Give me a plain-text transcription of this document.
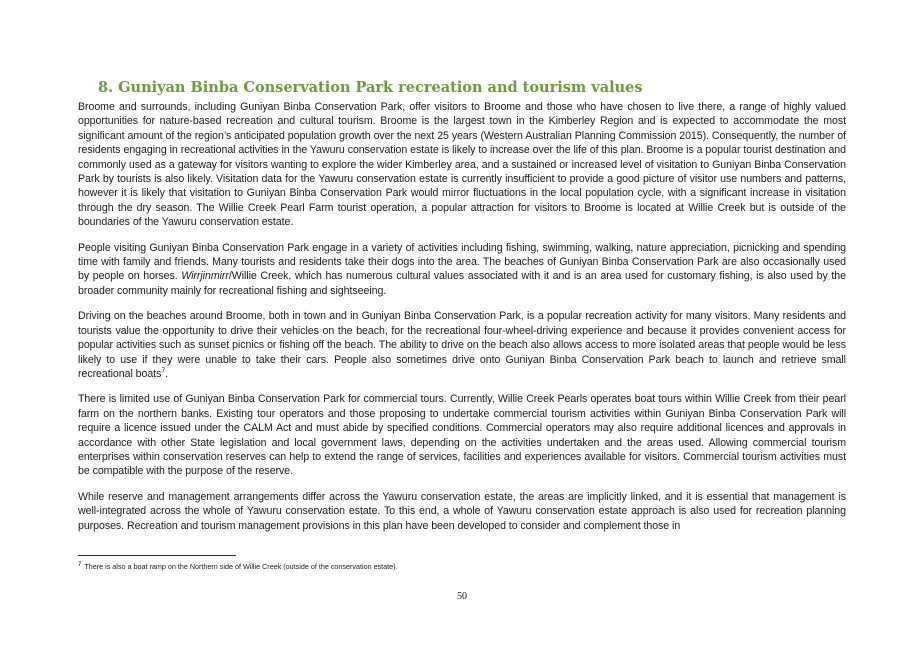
8. Guniyan Binba Conservation Park recreation and tourism values

Broome and surrounds, including Guniyan Binba Conservation Park, offer visitors to Broome and those who have chosen to live there, a range of highly valued opportunities for nature-based recreation and cultural tourism. Broome is the largest town in the Kimberley Region and is expected to accommodate the most significant amount of the region’s anticipated population growth over the next 25 years (Western Australian Planning Commission 2015). Consequently, the number of residents engaging in recreational activities in the Yawuru conservation estate is likely to increase over the life of this plan. Broome is a popular tourist destination and commonly used as a gateway for visitors wanting to explore the wider Kimberley area, and a sustained or increased level of visitation to Guniyan Binba Conservation Park by tourists is also likely. Visitation data for the Yawuru conservation estate is currently insufficient to provide a good picture of visitor use numbers and patterns, however it is likely that visitation to Guniyan Binba Conservation Park would mirror fluctuations in the local population cycle, with a significant increase in visitation through the dry season. The Willie Creek Pearl Farm tourist operation, a popular attraction for visitors to Broome is located at Willie Creek but is outside of the boundaries of the Yawuru conservation estate.

People visiting Guniyan Binba Conservation Park engage in a variety of activities including fishing, swimming, walking, nature appreciation, picnicking and spending time with family and friends. Many tourists and residents take their dogs into the area. The beaches of Guniyan Binba Conservation Park are also occasionally used by people on horses. Wirrjinmirr/Willie Creek, which has numerous cultural values associated with it and is an area used for customary fishing, is also used by the broader community mainly for recreational fishing and sightseeing.

Driving on the beaches around Broome, both in town and in Guniyan Binba Conservation Park, is a popular recreation activity for many visitors. Many residents and tourists value the opportunity to drive their vehicles on the beach, for the recreational four-wheel-driving experience and because it provides convenient access for popular activities such as sunset picnics or fishing off the beach. The ability to drive on the beach also allows access to more isolated areas that people would be less likely to use if they were unable to take their cars. People also sometimes drive onto Guniyan Binba Conservation Park beach to launch and retrieve small recreational boats$^7$.

There is limited use of Guniyan Binba Conservation Park for commercial tours. Currently, Willie Creek Pearls operates boat tours within Willie Creek from their pearl farm on the northern banks. Existing tour operators and those proposing to undertake commercial tourism activities within Guniyan Binba Conservation Park will require a licence issued under the CALM Act and must abide by specified conditions. Commercial operators may also require additional licences and approvals in accordance with other State legislation and local government laws, depending on the activities undertaken and the areas used. Allowing commercial tourism enterprises within conservation reserves can help to extend the range of services, facilities and experiences available for visitors. Commercial tourism activities must be compatible with the purpose of the reserve.

While reserve and management arrangements differ across the Yawuru conservation estate, the areas are implicitly linked, and it is essential that management is well-integrated across the whole of Yawuru conservation estate. To this end, a whole of Yawuru conservation estate approach is also used for recreation planning purposes. Recreation and tourism management provisions in this plan have been developed to consider and complement those in

$^7$ There is also a boat ramp on the Northern side of Willie Creek (outside of the conservation estate).
50
